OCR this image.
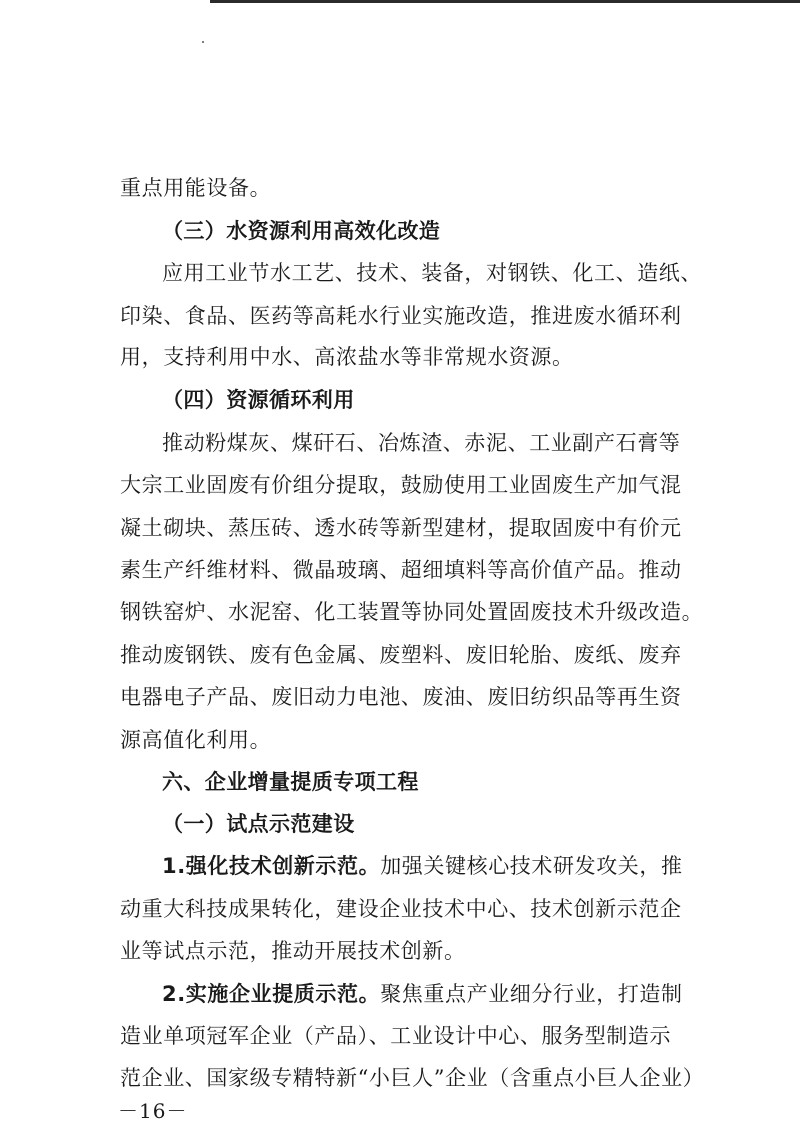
重点用能设备。
（三）水资源利用高效化改造
应用工业节水工艺、技术、装备，对钢铁、化工、造纸、
印染、食品、医药等高耗水行业实施改造，推进废水循环利
用，支持利用中水、高浓盐水等非常规水资源。
（四）资源循环利用
推动粉煤灰、煤矸石、冶炼渣、赤泥、工业副产石膏等
大宗工业固废有价组分提取，鼓励使用工业固废生产加气混
凝土砌块、蒸压砖、透水砖等新型建材，提取固废中有价元
素生产纤维材料、微晶玻璃、超细填料等高价值产品。推动
钢铁窑炉、水泥窑、化工装置等协同处置固废技术升级改造。
推动废钢铁、废有色金属、废塑料、废旧轮胎、废纸、废弃
电器电子产品、废旧动力电池、废油、废旧纺织品等再生资
源高值化利用。
六、企业增量提质专项工程
（一）试点示范建设
1.强化技术创新示范。加强关键核心技术研发攻关，推
动重大科技成果转化，建设企业技术中心、技术创新示范企
业等试点示范，推动开展技术创新。
2.实施企业提质示范。聚焦重点产业细分行业，打造制
造业单项冠军企业（产品）、工业设计中心、服务型制造示
范企业、国家级专精特新“小巨人”企业（含重点小巨人企业）
－16－
